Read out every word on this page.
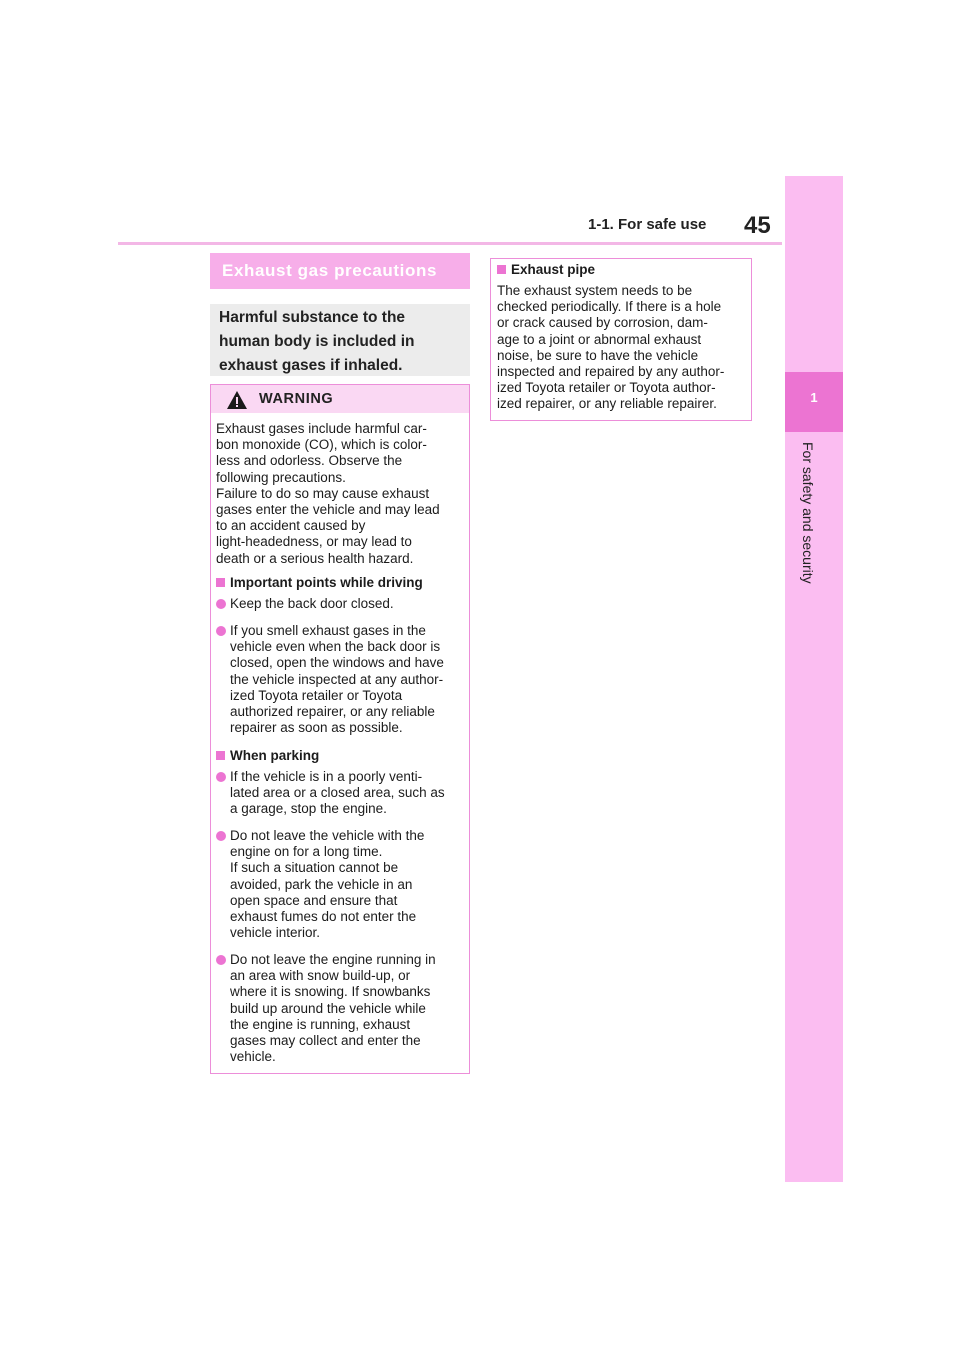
1-1. For safe use 45
1
For safety and security
Exhaust gas precautions
Harmful substance to the
human body is included in
exhaust gases if inhaled.
WARNING
Exhaust gases include harmful car-
bon monoxide (CO), which is color-
less and odorless. Observe the
following precautions.
Failure to do so may cause exhaust
gases enter the vehicle and may lead
to an accident caused by
light-headedness, or may lead to
death or a serious health hazard.
Important points while driving
Keep the back door closed.
If you smell exhaust gases in the
vehicle even when the back door is
closed, open the windows and have
the vehicle inspected at any author-
ized Toyota retailer or Toyota
authorized repairer, or any reliable
repairer as soon as possible.
When parking
If the vehicle is in a poorly venti-
lated area or a closed area, such as
a garage, stop the engine.
Do not leave the vehicle with the
engine on for a long time.
If such a situation cannot be
avoided, park the vehicle in an
open space and ensure that
exhaust fumes do not enter the
vehicle interior.
Do not leave the engine running in
an area with snow build-up, or
where it is snowing. If snowbanks
build up around the vehicle while
the engine is running, exhaust
gases may collect and enter the
vehicle.
Exhaust pipe
The exhaust system needs to be
checked periodically. If there is a hole
or crack caused by corrosion, dam-
age to a joint or abnormal exhaust
noise, be sure to have the vehicle
inspected and repaired by any author-
ized Toyota retailer or Toyota author-
ized repairer, or any reliable repairer.
